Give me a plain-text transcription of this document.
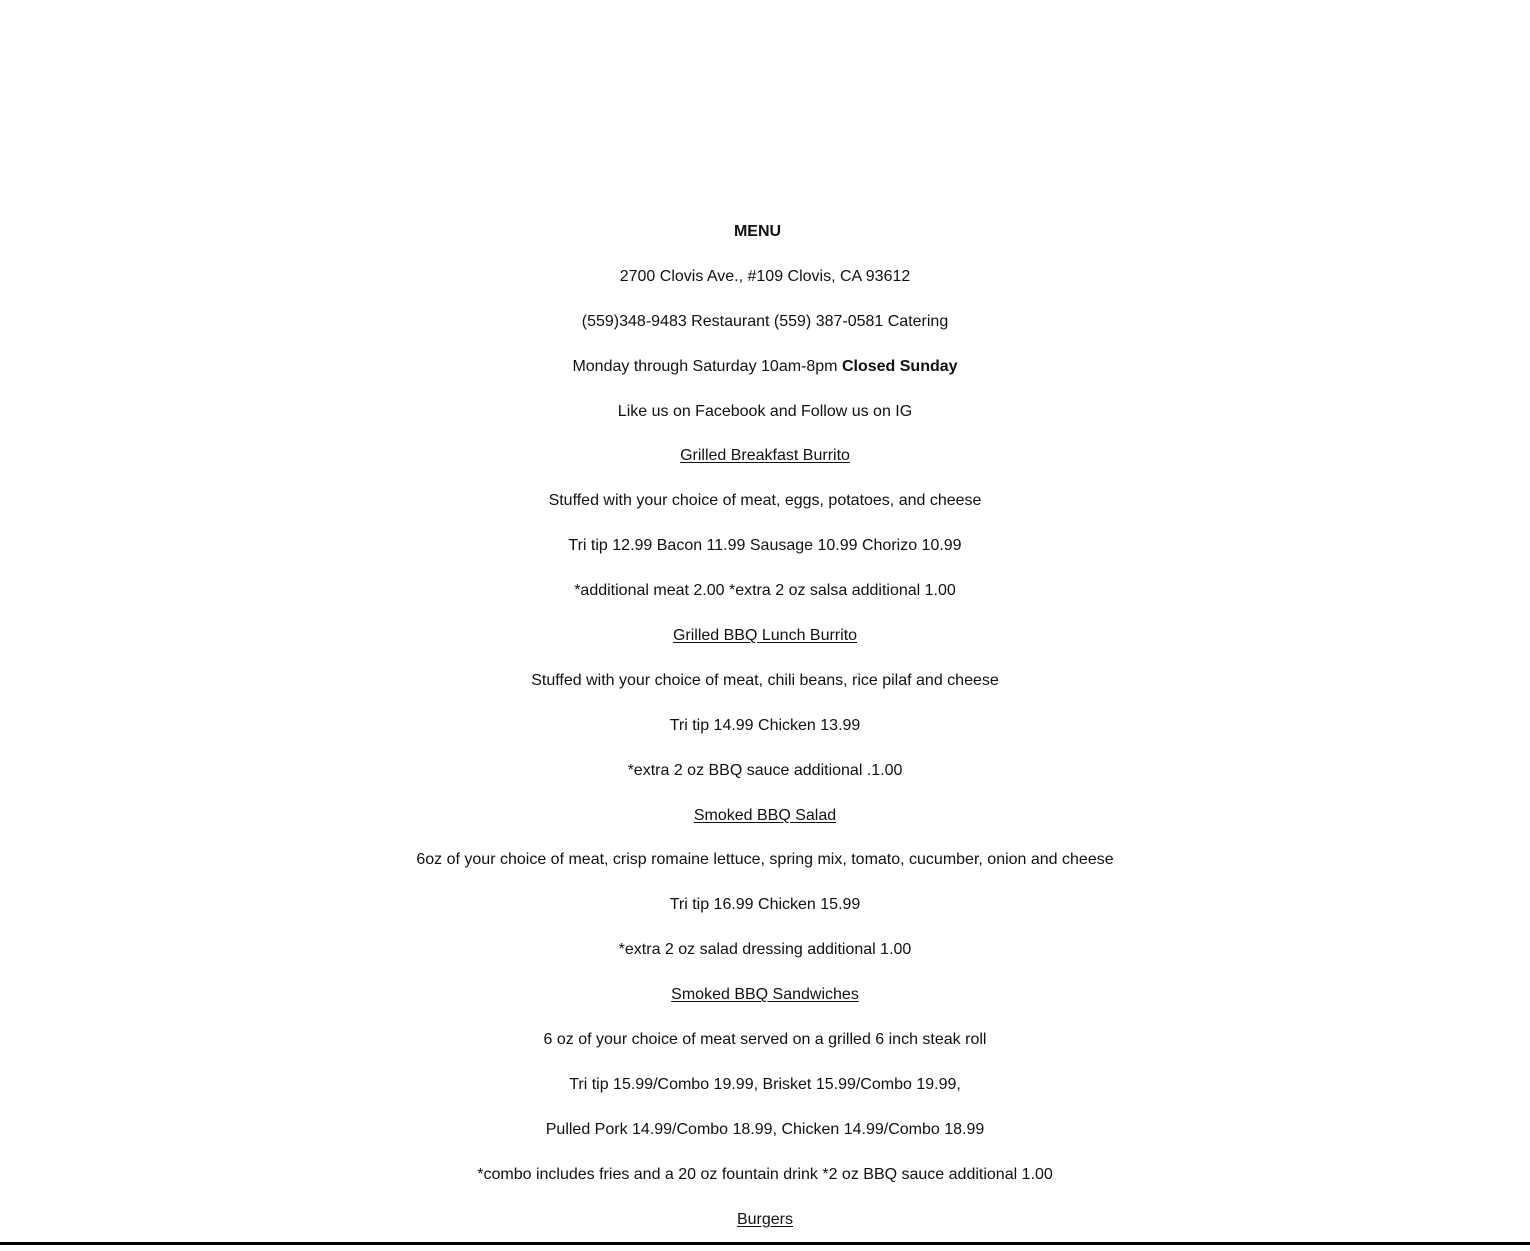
MENU

2700 Clovis Ave., #109 Clovis, CA 93612

(559)348-9483 Restaurant (559) 387-0581 Catering

Monday through Saturday 10am-8pm Closed Sunday

Like us on Facebook and Follow us on IG

Grilled Breakfast Burrito

Stuffed with your choice of meat, eggs, potatoes, and cheese

Tri tip 12.99 Bacon 11.99 Sausage 10.99 Chorizo 10.99

*additional meat 2.00 *extra 2 oz salsa additional 1.00

Grilled BBQ Lunch Burrito

Stuffed with your choice of meat, chili beans, rice pilaf and cheese

Tri tip 14.99 Chicken 13.99

*extra 2 oz BBQ sauce additional .1.00

Smoked BBQ Salad

6oz of your choice of meat, crisp romaine lettuce, spring mix, tomato, cucumber, onion and cheese

Tri tip 16.99 Chicken 15.99

*extra 2 oz salad dressing additional 1.00

Smoked BBQ Sandwiches

6 oz of your choice of meat served on a grilled 6 inch steak roll

Tri tip 15.99/Combo 19.99, Brisket 15.99/Combo 19.99,

Pulled Pork 14.99/Combo 18.99, Chicken 14.99/Combo 18.99

*combo includes fries and a 20 oz fountain drink *2 oz BBQ sauce additional 1.00

Burgers
